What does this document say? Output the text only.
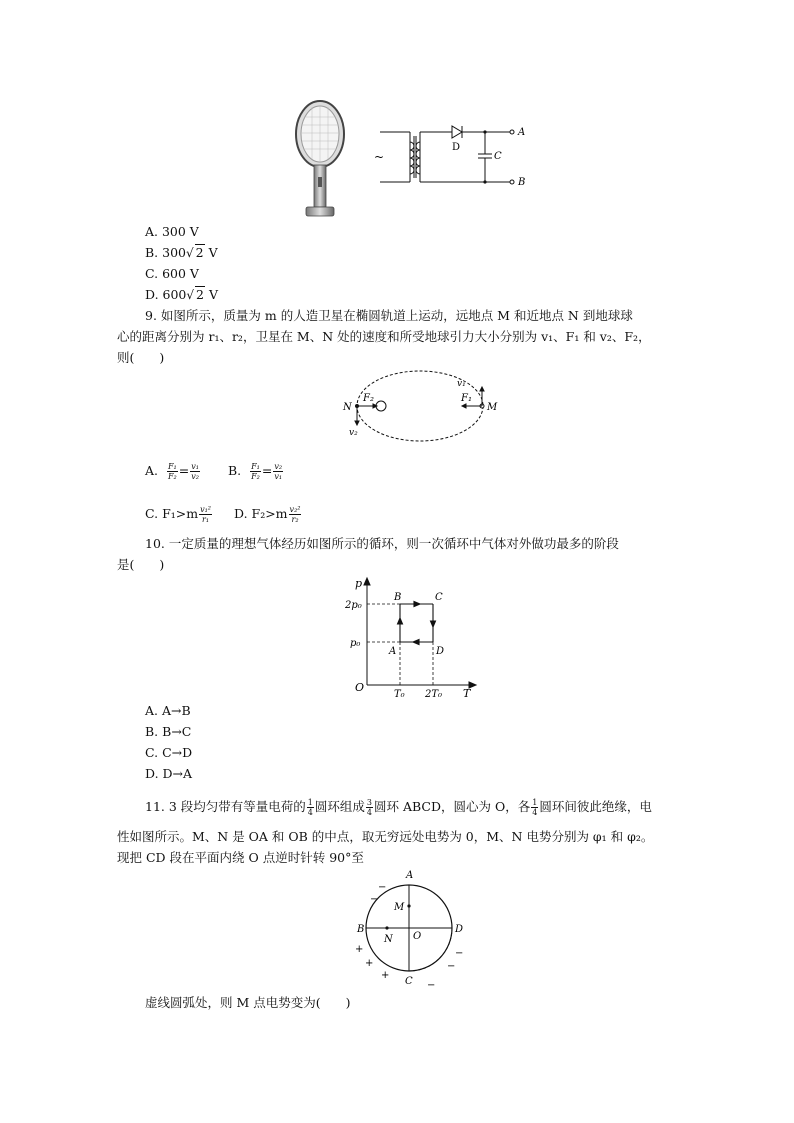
~
D
C
A
B
A. 300 V
B. 300√ 2 V
C. 600 V
D. 600√ 2 V
9. 如图所示，质量为 m 的人造卫星在椭圆轨道上运动，远地点 M 和近地点 N 到地球球
心的距离分别为 r₁、r₂，卫星在 M、N 处的速度和所受地球引力大小分别为 v₁、F₁ 和 v₂、F₂，
则(　　)
N	M
F₂	F₁
v₁
v₂
A. $\frac{\text{F₁}}{\text{F₂}} = \frac{\text{v₁}}{\text{v₂}} B$. $\frac{\text{F₁}}{\text{F₂}} = \frac{\text{v₂}}{\text{v₁}}$
C. $F_1>m \frac{\text{v₁²}}{\text{r₁}} D$. $F_2>m \frac{\text{v₂²}}{\text{r₂}}$
10. 一定质量的理想气体经历如图所示的循环，则一次循环中气体对外做功最多的阶段
是(　　)
p
T
O
2p₀
p₀
T₀ 2T₀
B	C
A	D
A. A→B
B. B→C
C. C→D
D. D→A
11. 3 段均匀带有等量电荷的 $\frac{1}{4}$ 圆环组成 $\frac{3}{4}$ 圆环 ABCD，圆心为 O，各 $\frac{1}{4}$ 圆环间彼此绝缘，电
性如图所示。M、N 是 OA 和 OB 的中点，取无穷远处电势为 0，M、N 电势分别为 φ₁ 和 φ₂。
现把 CD 段在平面内绕 O 点逆时针转 90°至
A
B	D
C
O
M
N
−
−
+
+
+
−
−
−
虚线圆弧处，则 M 点电势变为(　　)
